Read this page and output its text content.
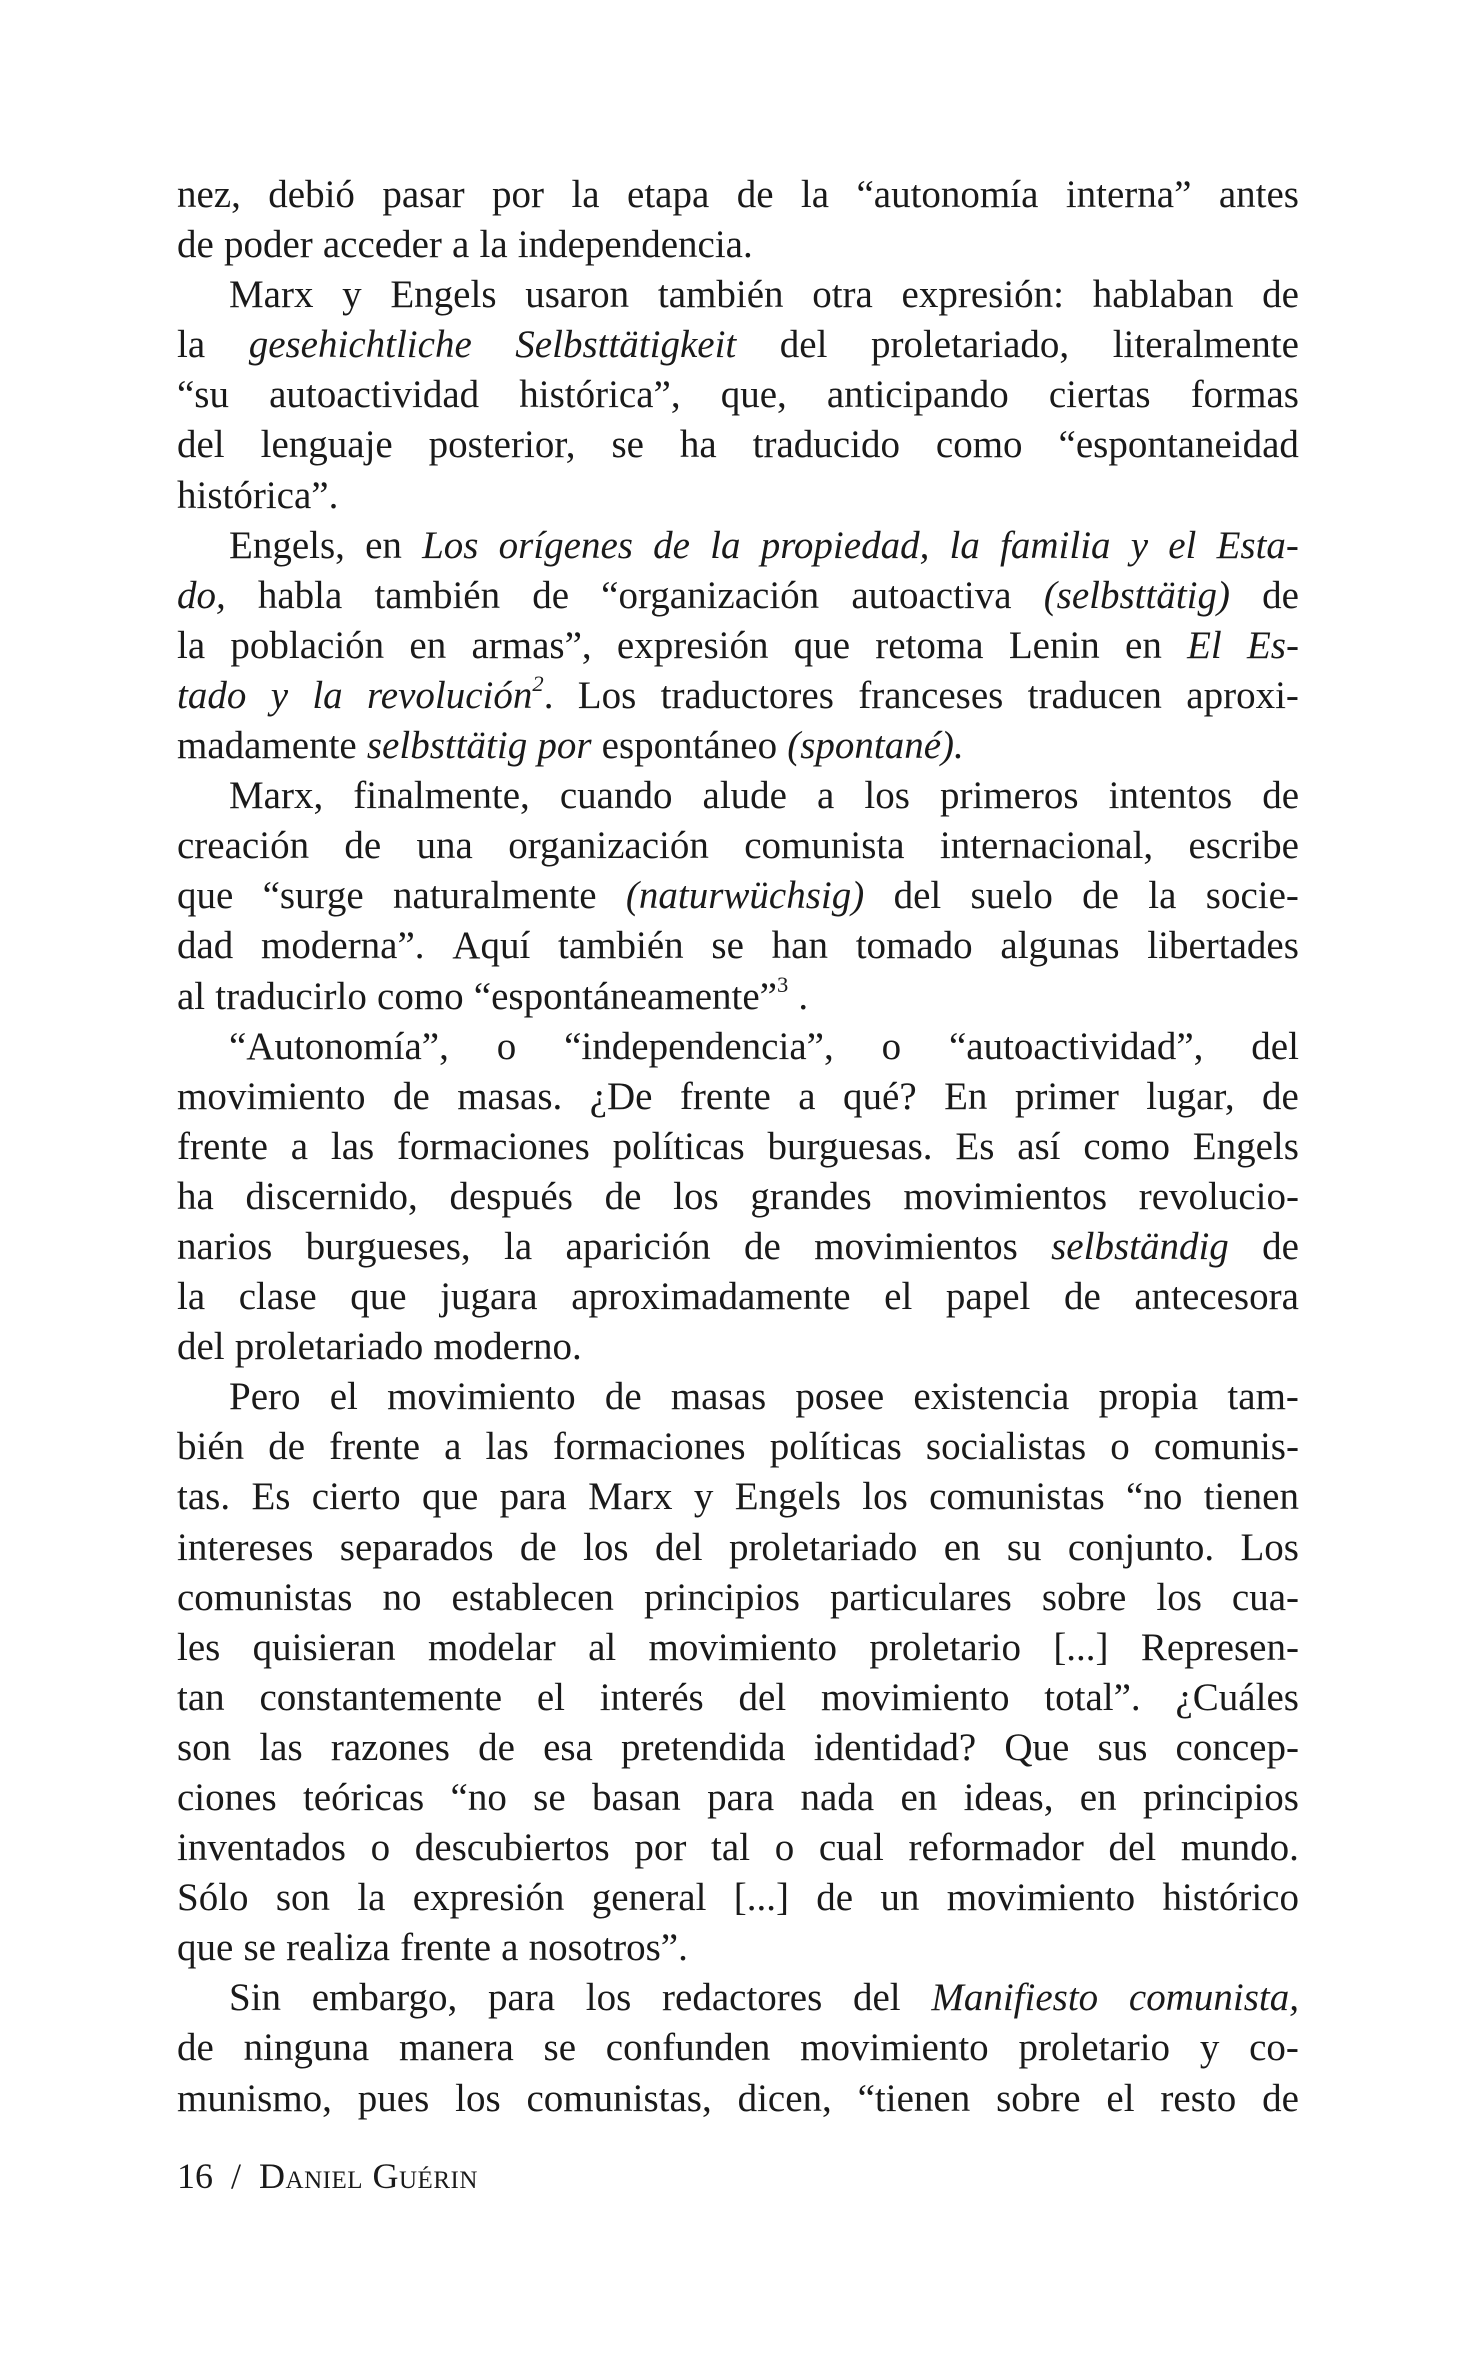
nez, debió pasar por la etapa de la “autonomía interna” antes
de poder acceder a la independencia.
Marx y Engels usaron también otra expresión: hablaban de
la gesehichtliche Selbsttätigkeit del proletariado, literalmente
“su autoactividad histórica”, que, anticipando ciertas formas
del lenguaje posterior, se ha traducido como “espontaneidad
histórica”.
Engels, en Los orígenes de la propiedad, la familia y el Esta-
do, habla también de “organización autoactiva (selbsttätig) de
la población en armas”, expresión que retoma Lenin en El Es-
tado y la revolución$^2$. Los traductores franceses traducen aproxi-
madamente selbsttätig por espontáneo (spontané).
Marx, finalmente, cuando alude a los primeros intentos de
creación de una organización comunista internacional, escribe
que “surge naturalmente (naturwüchsig) del suelo de la socie-
dad moderna”. Aquí también se han tomado algunas libertades
al traducirlo como “espontáneamente”$^3$ .
“Autonomía”, o “independencia”, o “autoactividad”, del
movimiento de masas. ¿De frente a qué? En primer lugar, de
frente a las formaciones políticas burguesas. Es así como Engels
ha discernido, después de los grandes movimientos revolucio-
narios burgueses, la aparición de movimientos selbständig de
la clase que jugara aproximadamente el papel de antecesora
del proletariado moderno.
Pero el movimiento de masas posee existencia propia tam-
bién de frente a las formaciones políticas socialistas o comunis-
tas. Es cierto que para Marx y Engels los comunistas “no tienen
intereses separados de los del proletariado en su conjunto. Los
comunistas no establecen principios particulares sobre los cua-
les quisieran modelar al movimiento proletario [...] Represen-
tan constantemente el interés del movimiento total”. ¿Cuáles
son las razones de esa pretendida identidad? Que sus concep-
ciones teóricas “no se basan para nada en ideas, en principios
inventados o descubiertos por tal o cual reformador del mundo.
Sólo son la expresión general [...] de un movimiento histórico
que se realiza frente a nosotros”.
Sin embargo, para los redactores del Manifiesto comunista,
de ninguna manera se confunden movimiento proletario y co-
munismo, pues los comunistas, dicen, “tienen sobre el resto de
16 / Daniel Guérin
